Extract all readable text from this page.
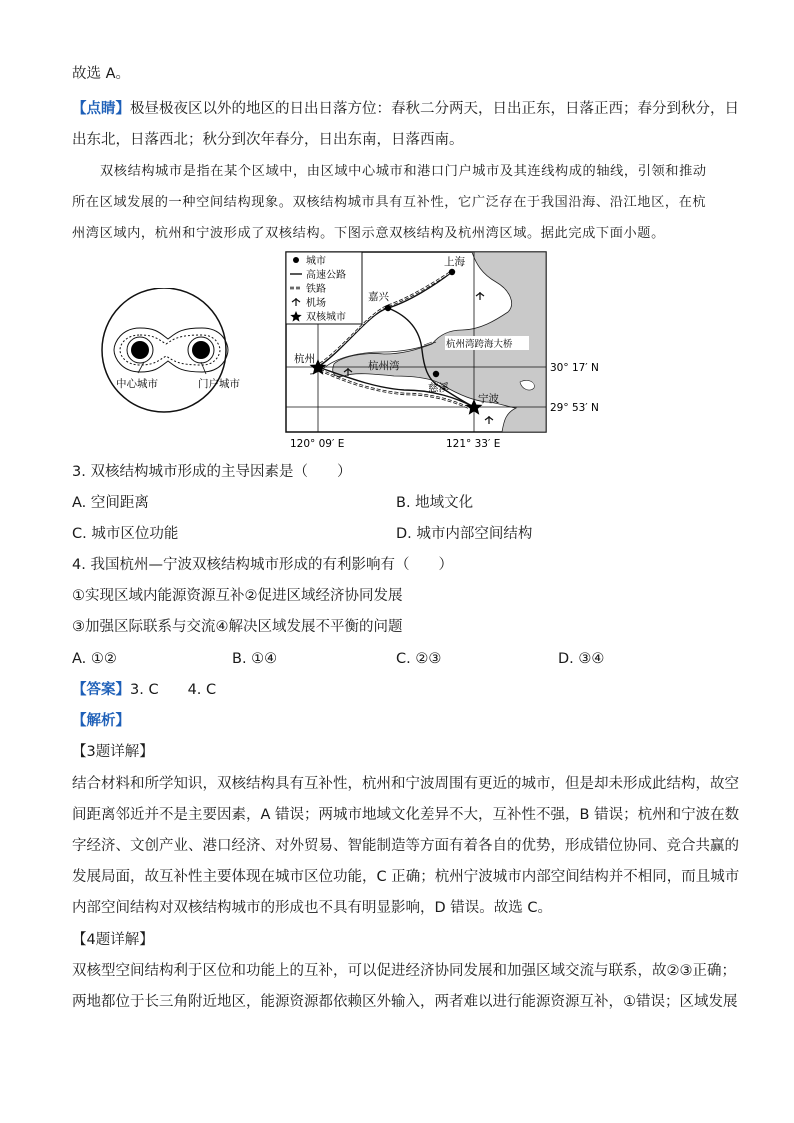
故选 A。
【点睛】极昼极夜区以外的地区的日出日落方位：春秋二分两天，日出正东，日落正西；春分到秋分，日
出东北，日落西北；秋分到次年春分，日出东南，日落西南。
双核结构城市是指在某个区域中，由区域中心城市和港口门户城市及其连线构成的轴线，引领和推动
所在区域发展的一种空间结构现象。双核结构城市具有互补性，它广泛存在于我国沿海、沿江地区，在杭
州湾区域内，杭州和宁波形成了双核结构。下图示意双核结构及杭州湾区域。据此完成下面小题。
中心城市	门户城市
上海
嘉兴
杭州
杭州湾
慈溪
宁波
杭州湾跨海大桥
城市
高速公路
铁路
机场
双核城市
30° 17′ N
29° 53′ N
120° 09′ E	121° 33′ E
3. 双核结构城市形成的主导因素是（　　）
A. 空间距离	B. 地域文化
C. 城市区位功能	D. 城市内部空间结构
4. 我国杭州—宁波双核结构城市形成的有利影响有（　　）
①实现区域内能源资源互补②促进区域经济协同发展
③加强区际联系与交流④解决区域发展不平衡的问题
A. ①②	B. ①④	C. ②③	D. ③④
【答案】3. C　　4. C
【解析】
【3题详解】
结合材料和所学知识，双核结构具有互补性，杭州和宁波周围有更近的城市，但是却未形成此结构，故空
间距离邻近并不是主要因素，A 错误；两城市地域文化差异不大，互补性不强，B 错误；杭州和宁波在数
字经济、文创产业、港口经济、对外贸易、智能制造等方面有着各自的优势，形成错位协同、竞合共赢的
发展局面，故互补性主要体现在城市区位功能，C 正确；杭州宁波城市内部空间结构并不相同，而且城市
内部空间结构对双核结构城市的形成也不具有明显影响，D 错误。故选 C。
【4题详解】
双核型空间结构利于区位和功能上的互补，可以促进经济协同发展和加强区域交流与联系，故②③正确；
两地都位于长三角附近地区，能源资源都依赖区外输入，两者难以进行能源资源互补，①错误；区域发展
